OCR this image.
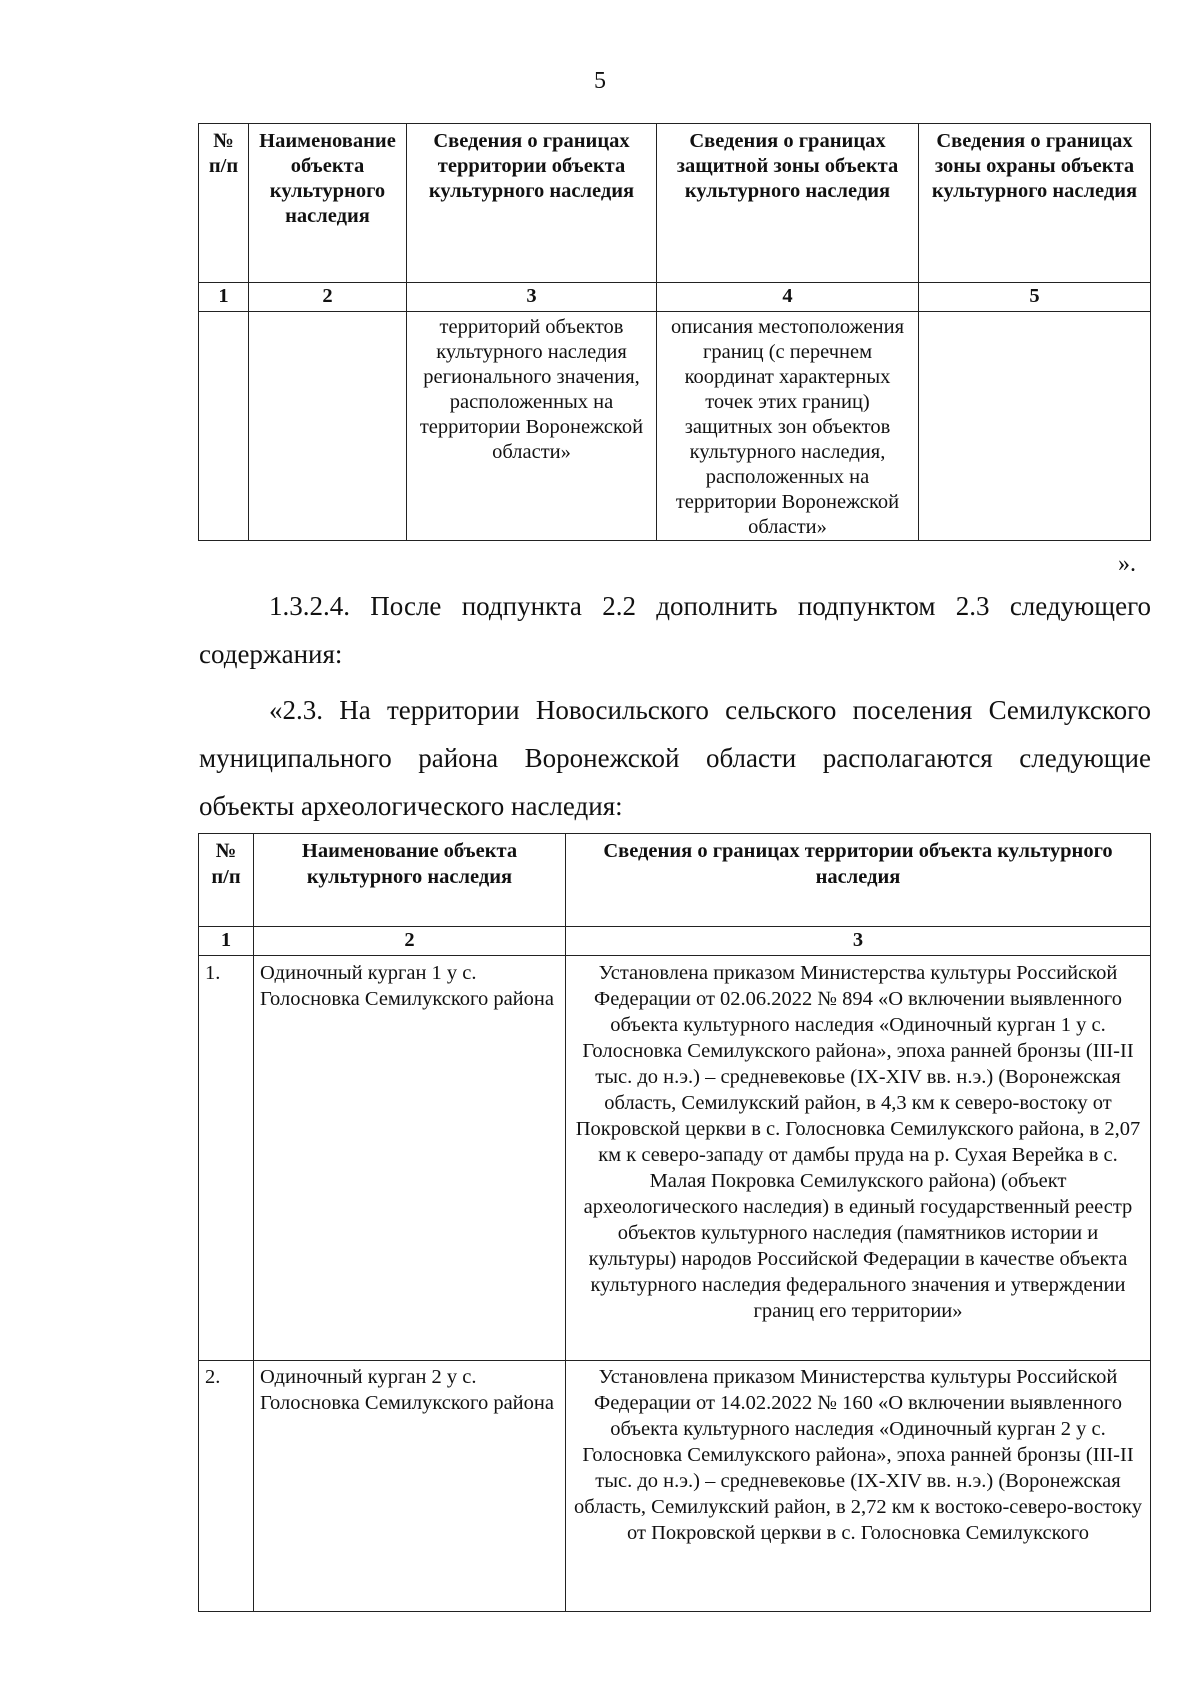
5
№ п/п	Наименование объекта культурного наследия	Сведения о границах территории объекта культурного наследия	Сведения о границах защитной зоны объекта культурного наследия	Сведения о границах зоны охраны объекта культурного наследия
1	2	3	4	5
		территорий объектов культурного наследия регионального значения, расположенных на территории Воронежской области»	описания местоположения границ (с перечнем координат характерных точек этих границ) защитных зон объектов культурного наследия, расположенных на территории Воронежской области»	
».

1.3.2.4. После подпункта 2.2 дополнить подпунктом 2.3 следующего

содержания:

«2.3. На территории Новосильского сельского поселения Семилукского

муниципального района Воронежской области располагаются следующие

объекты археологического наследия:

№ п/п	Наименование объекта культурного наследия	Сведения о границах территории объекта культурного наследия
1	2	3
1.	Одиночный курган 1 у с. Голосновка Семилукского района	Установлена приказом Министерства культуры Российской Федерации от 02.06.2022 № 894 «О включении выявленного объекта культурного наследия «Одиночный курган 1 у с. Голосновка Семилукского района», эпоха ранней бронзы (III-II тыс. до н.э.) – средневековье (IX-XIV вв. н.э.) (Воронежская область, Семилукский район, в 4,3 км к северо-востоку от Покровской церкви в с. Голосновка Семилукского района, в 2,07 км к северо-западу от дамбы пруда на р. Сухая Верейка в с. Малая Покровка Семилукского района) (объект археологического наследия) в единый государственный реестр объектов культурного наследия (памятников истории и культуры) народов Российской Федерации в качестве объекта культурного наследия федерального значения и утверждении границ его территории»
2.	Одиночный курган 2 у с. Голосновка Семилукского района	Установлена приказом Министерства культуры Российской Федерации от 14.02.2022 № 160 «О включении выявленного объекта культурного наследия «Одиночный курган 2 у с. Голосновка Семилукского района», эпоха ранней бронзы (III-II тыс. до н.э.) – средневековье (IX-XIV вв. н.э.) (Воронежская область, Семилукский район, в 2,72 км к востоко-северо-востоку от Покровской церкви в с. Голосновка Семилукского
